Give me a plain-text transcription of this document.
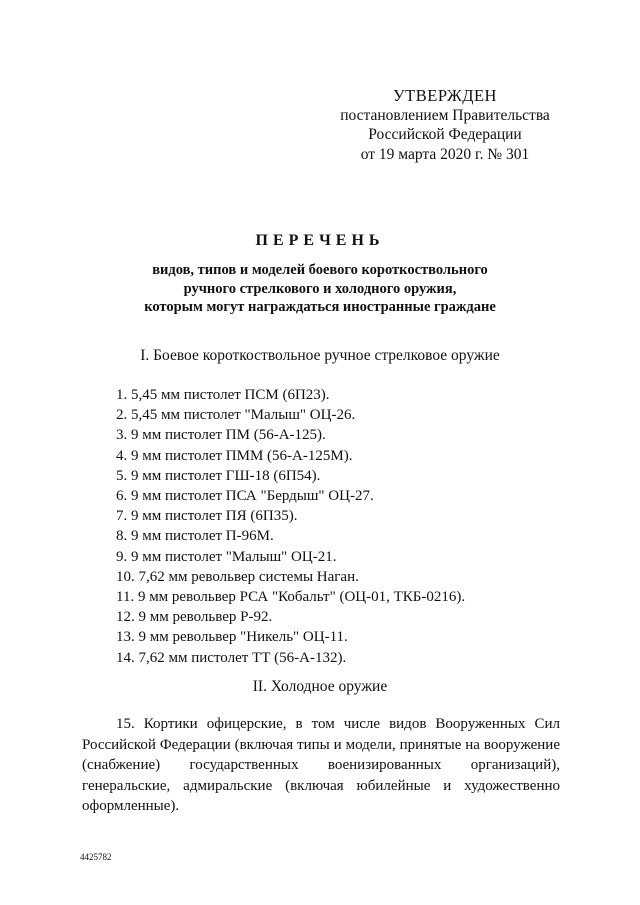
УТВЕРЖДЕН
постановлением Правительства
Российской Федерации
от 19 марта 2020 г. № 301
ПЕРЕЧЕНЬ
видов, типов и моделей боевого короткоствольного
ручного стрелкового и холодного оружия,
которым могут награждаться иностранные граждане
I. Боевое короткоствольное ручное стрелковое оружие
1. 5,45 мм пистолет ПСМ (6П23).
2. 5,45 мм пистолет "Малыш" ОЦ-26.
3. 9 мм пистолет ПМ (56-А-125).
4. 9 мм пистолет ПММ (56-А-125М).
5. 9 мм пистолет ГШ-18 (6П54).
6. 9 мм пистолет ПСА "Бердыш" ОЦ-27.
7. 9 мм пистолет ПЯ (6П35).
8. 9 мм пистолет П-96М.
9. 9 мм пистолет "Малыш" ОЦ-21.
10. 7,62 мм револьвер системы Наган.
11. 9 мм револьвер РСА "Кобальт" (ОЦ-01, ТКБ-0216).
12. 9 мм револьвер Р-92.
13. 9 мм револьвер "Никель" ОЦ-11.
14. 7,62 мм пистолет ТТ (56-А-132).
II. Холодное оружие
15. Кортики офицерские, в том числе видов Вооруженных Сил
Российской Федерации (включая типы и модели, принятые на вооружение
(снабжение) государственных военизированных организаций),
генеральские, адмиральские (включая юбилейные и художественно
оформленные).
4425782
